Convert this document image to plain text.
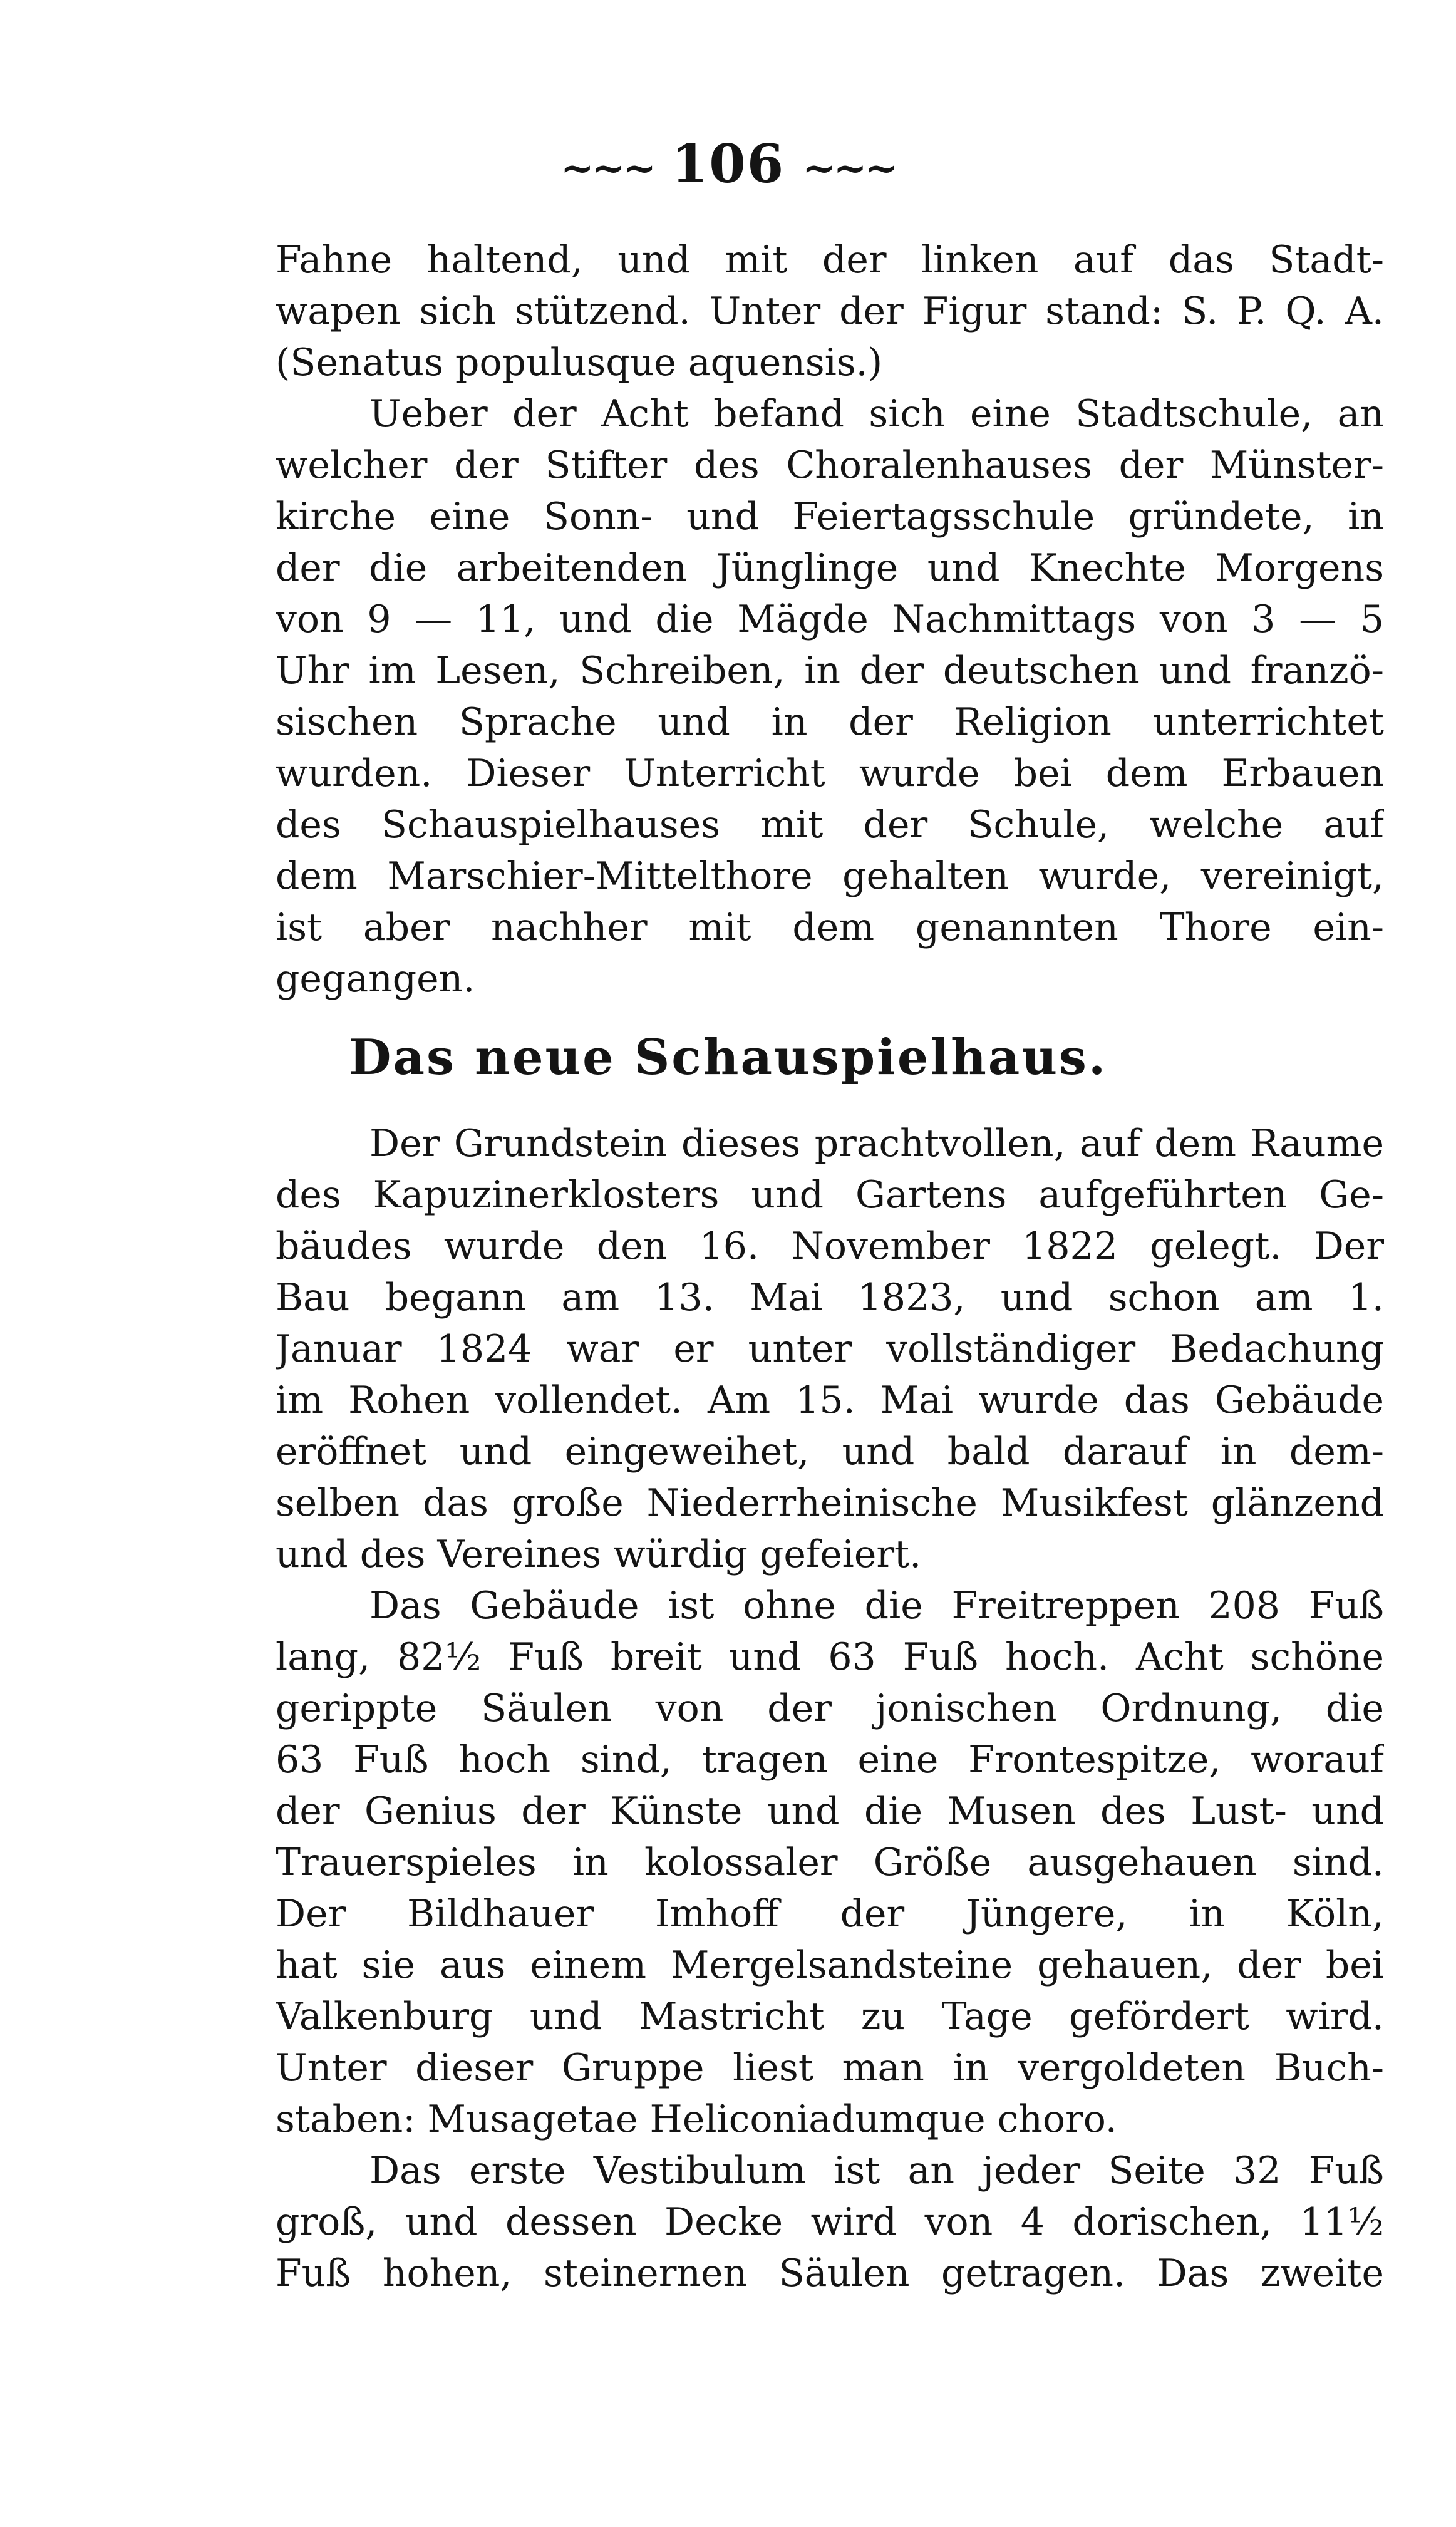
~~~ 106 ~~~
Fahne haltend, und mit der linken auf das Stadt-
wapen sich stützend. Unter der Figur stand: S. P. Q. A.
(Senatus populusque aquensis.)
Ueber der Acht befand sich eine Stadtschule, an
welcher der Stifter des Choralenhauses der Münster-
kirche eine Sonn- und Feiertagsschule gründete, in
der die arbeitenden Jünglinge und Knechte Morgens
von 9 — 11, und die Mägde Nachmittags von 3 — 5
Uhr im Lesen, Schreiben, in der deutschen und franzö-
sischen Sprache und in der Religion unterrichtet
wurden. Dieser Unterricht wurde bei dem Erbauen
des Schauspielhauses mit der Schule, welche auf
dem Marschier-Mittelthore gehalten wurde, vereinigt,
ist aber nachher mit dem genannten Thore ein-
gegangen.
Das neue Schauspielhaus.
Der Grundstein dieses prachtvollen, auf dem Raume
des Kapuzinerklosters und Gartens aufgeführten Ge-
bäudes wurde den 16. November 1822 gelegt. Der
Bau begann am 13. Mai 1823, und schon am 1.
Januar 1824 war er unter vollständiger Bedachung
im Rohen vollendet. Am 15. Mai wurde das Gebäude
eröffnet und eingeweihet, und bald darauf in dem-
selben das große Niederrheinische Musikfest glänzend
und des Vereines würdig gefeiert.
Das Gebäude ist ohne die Freitreppen 208 Fuß
lang, 82½ Fuß breit und 63 Fuß hoch. Acht schöne
gerippte Säulen von der jonischen Ordnung, die
63 Fuß hoch sind, tragen eine Frontespitze, worauf
der Genius der Künste und die Musen des Lust- und
Trauerspieles in kolossaler Größe ausgehauen sind.
Der Bildhauer Imhoff der Jüngere, in Köln,
hat sie aus einem Mergelsandsteine gehauen, der bei
Valkenburg und Mastricht zu Tage gefördert wird.
Unter dieser Gruppe liest man in vergoldeten Buch-
staben: Musagetae Heliconiadumque choro.
Das erste Vestibulum ist an jeder Seite 32 Fuß
groß, und dessen Decke wird von 4 dorischen, 11½
Fuß hohen, steinernen Säulen getragen. Das zweite
